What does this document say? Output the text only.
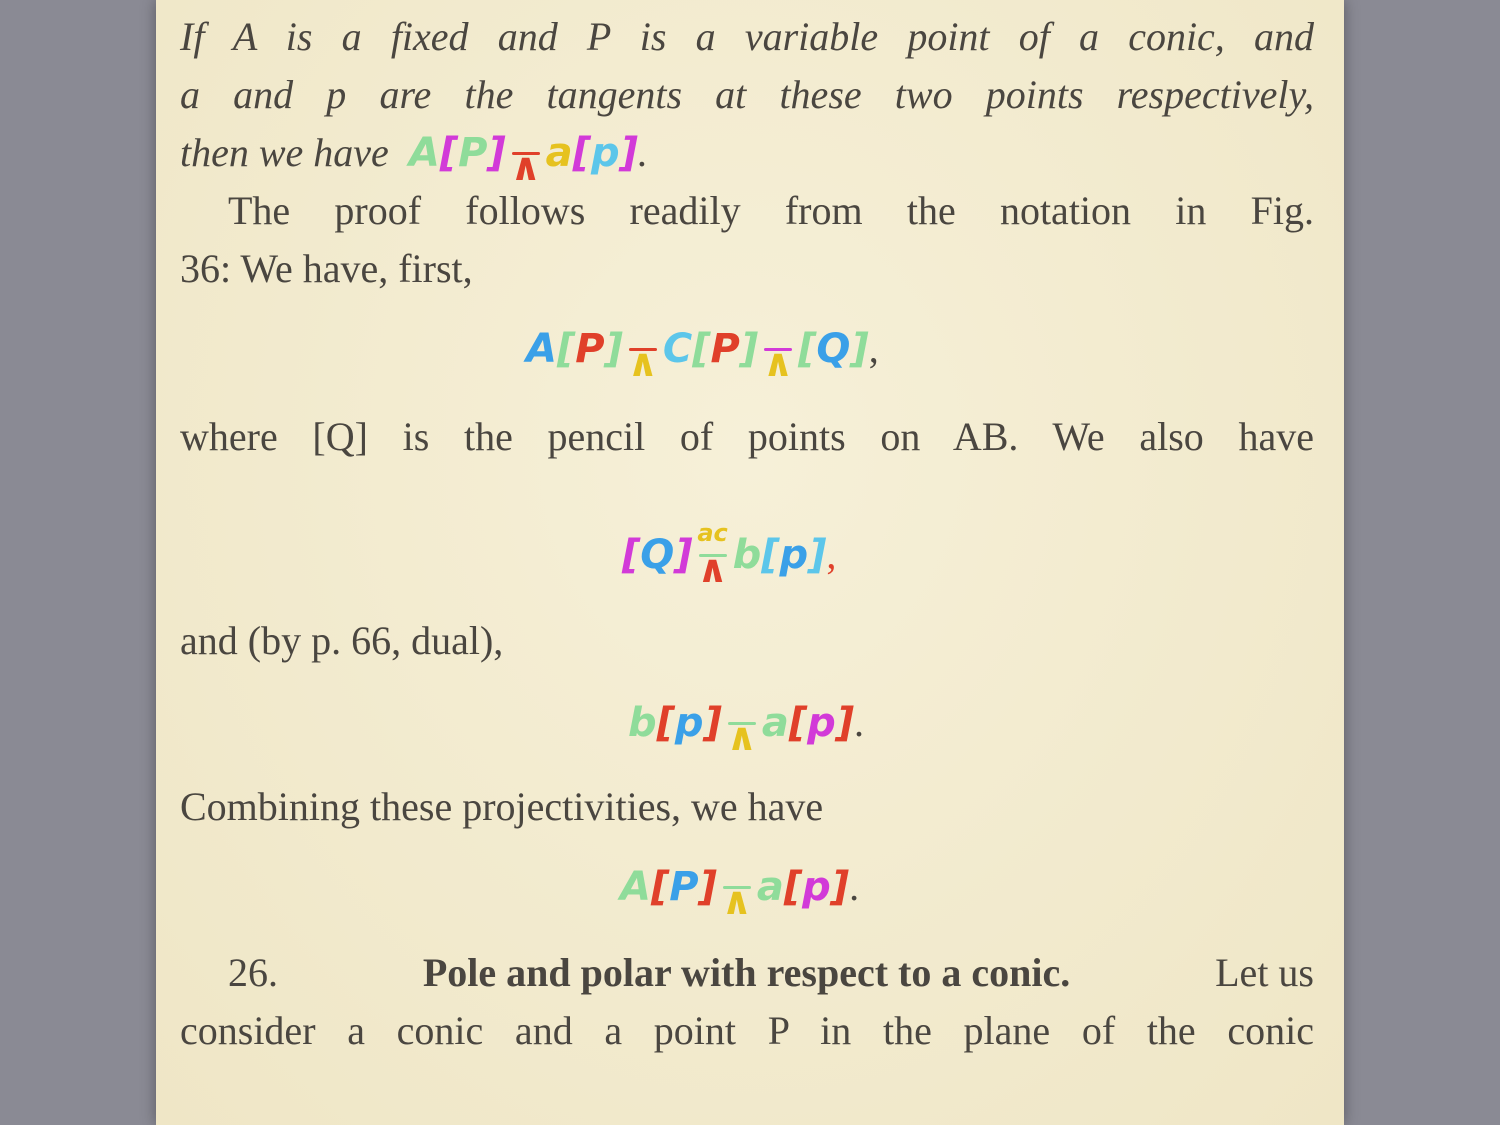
If A is a fixed and P is a variable point of a conic, and
a and p are the tangents at these two points respectively,
then we have A[P] ∧ a[p].
The proof follows readily from the notation in Fig.
36: We have, first,
A[P] ∧ C[P] ∧ [Q],
where [Q] is the pencil of points on AB. We also have
[Q] ac
∧ b[p],
and (by p. 66, dual),
b[p] ∧ a[p].
Combining these projectivities, we have
A[P] ∧ a[p].
26.	Pole and polar with respect to a conic.	Let us
consider a conic and a point P in the plane of the conic
